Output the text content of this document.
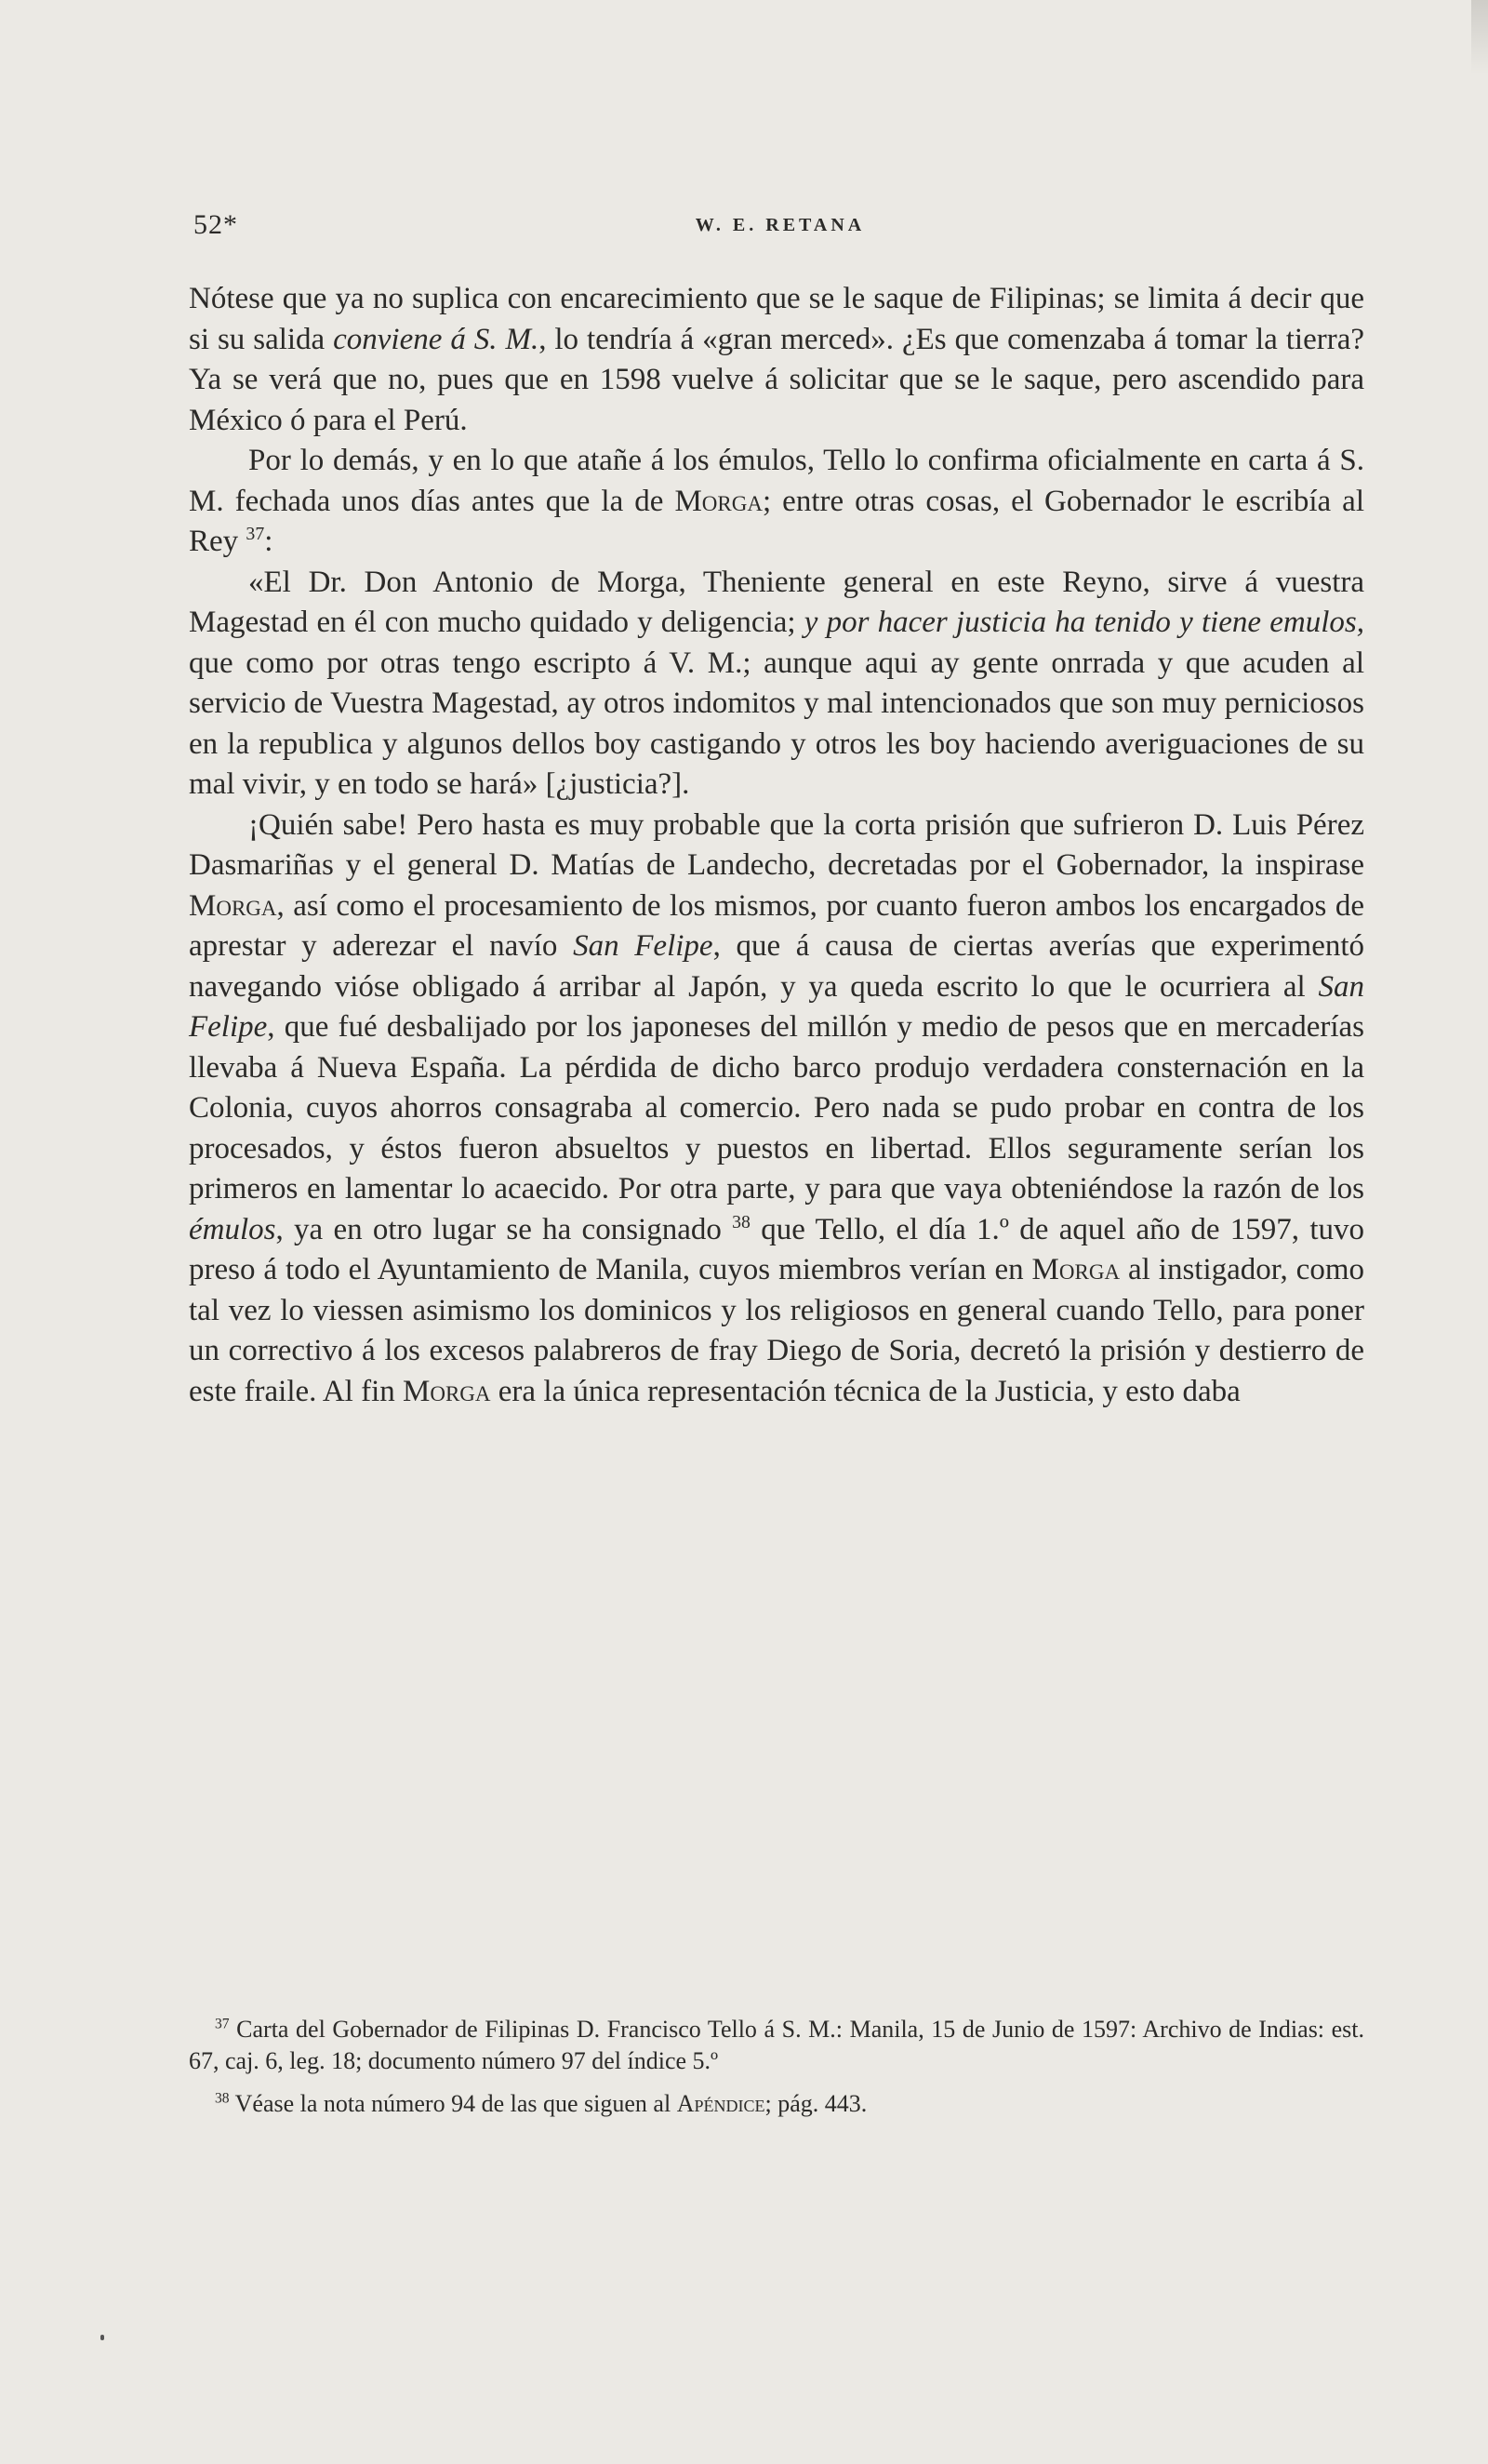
52*	W. E. RETANA

Nótese que ya no suplica con encarecimiento que se le saque de Filipinas; se limita á decir que si su salida conviene á S. M., lo tendría á «gran merced». ¿Es que comenzaba á tomar la tierra? Ya se verá que no, pues que en 1598 vuelve á solicitar que se le saque, pero ascendido para México ó para el Perú.

Por lo demás, y en lo que atañe á los émulos, Tello lo confirma oficialmente en carta á S. M. fechada unos días antes que la de Morga; entre otras cosas, el Gobernador le escribía al Rey $^{37}$:

«El Dr. Don Antonio de Morga, Theniente general en este Reyno, sirve á vuestra Magestad en él con mucho quidado y deligencia; y por hacer justicia ha tenido y tiene emulos, que como por otras tengo escripto á V. M.; aunque aqui ay gente onrrada y que acuden al servicio de Vuestra Magestad, ay otros indomitos y mal intencionados que son muy perniciosos en la republica y algunos dellos boy castigando y otros les boy haciendo averiguaciones de su mal vivir, y en todo se hará» [¿justicia?].

¡Quién sabe! Pero hasta es muy probable que la corta prisión que sufrieron D. Luis Pérez Dasmariñas y el general D. Matías de Landecho, decretadas por el Gobernador, la inspirase Morga, así como el procesamiento de los mismos, por cuanto fueron ambos los encargados de aprestar y aderezar el navío San Felipe, que á causa de ciertas averías que experimentó navegando vióse obligado á arribar al Japón, y ya queda escrito lo que le ocurriera al San Felipe, que fué desbalijado por los japoneses del millón y medio de pesos que en mercaderías llevaba á Nueva España. La pérdida de dicho barco produjo verdadera consternación en la Colonia, cuyos ahorros consagraba al comercio. Pero nada se pudo probar en contra de los procesados, y éstos fueron absueltos y puestos en libertad. Ellos seguramente serían los primeros en lamentar lo acaecido. Por otra parte, y para que vaya obteniéndose la razón de los émulos, ya en otro lugar se ha consignado $^{38}$ que Tello, el día 1.º de aquel año de 1597, tuvo preso á todo el Ayuntamiento de Manila, cuyos miembros verían en Morga al instigador, como tal vez lo viessen asimismo los dominicos y los religiosos en general cuando Tello, para poner un correctivo á los excesos palabreros de fray Diego de Soria, decretó la prisión y destierro de este fraile. Al fin Morga era la única representación técnica de la Justicia, y esto daba

$^{37}$ Carta del Gobernador de Filipinas D. Francisco Tello á S. M.: Manila, 15 de Junio de 1597: Archivo de Indias: est. 67, caj. 6, leg. 18; documento número 97 del índice 5.º

$^{38}$ Véase la nota número 94 de las que siguen al Apéndice; pág. 443.
